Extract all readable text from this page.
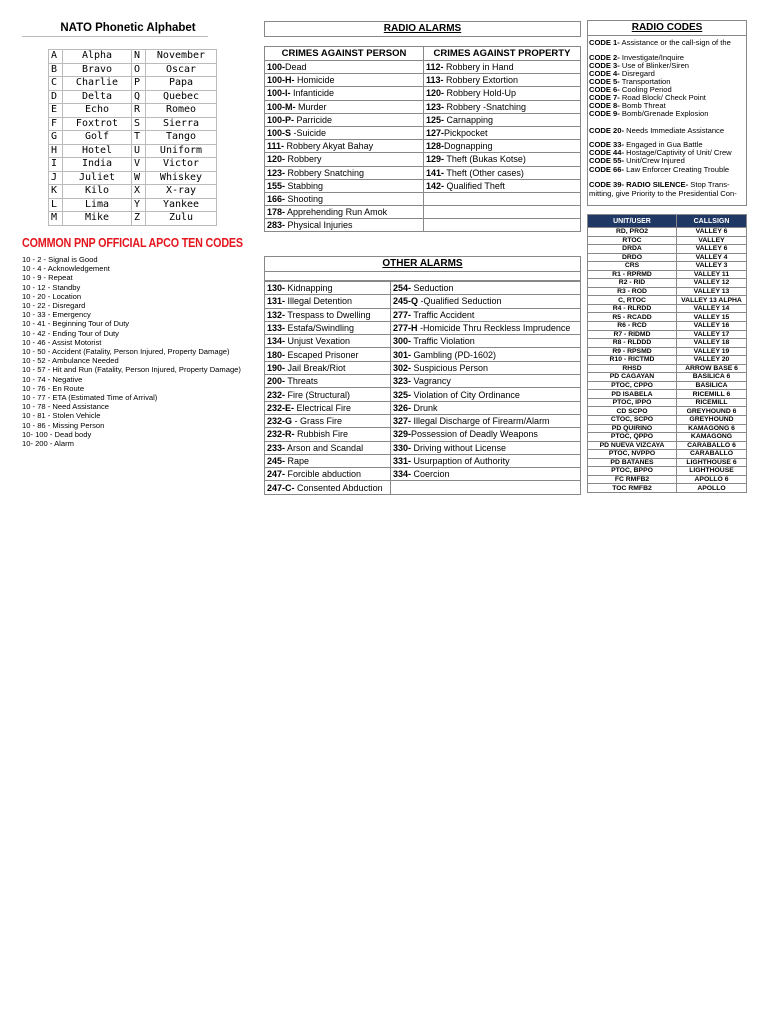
NATO Phonetic Alphabet
A	Alpha	N	November
B	Bravo	O	Oscar
C	Charlie	P	Papa
D	Delta	Q	Quebec
E	Echo	R	Romeo
F	Foxtrot	S	Sierra
G	Golf	T	Tango
H	Hotel	U	Uniform
I	India	V	Victor
J	Juliet	W	Whiskey
K	Kilo	X	X-ray
L	Lima	Y	Yankee
M	Mike	Z	Zulu
COMMON PNP OFFICIAL APCO TEN CODES
10 - 2 - Signal is Good
10 - 4 - Acknowledgement
10 - 9 - Repeat
10 - 12 - Standby
10 - 20 - Location
10 - 22 - Disregard
10 - 33 - Emergency
10 - 41 - Beginning Tour of Duty
10 - 42 - Ending Tour of Duty
10 - 46 - Assist Motorist
10 - 50 - Accident (Fatality, Person Injured, Property Damage)
10 - 52 - Ambulance Needed
10 - 57 - Hit and Run (Fatality, Person Injured, Property Damage)
10 - 74 - Negative
10 - 76 - En Route
10 - 77 - ETA (Estimated Time of Arrival)
10 - 78 - Need Assistance
10 - 81 - Stolen Vehicle
10 - 86 - Missing Person
10- 100 - Dead body
10- 200 - Alarm
RADIO ALARMS
CRIMES AGAINST PERSON	CRIMES AGAINST PROPERTY
100-Dead	112- Robbery in Hand
100-H- Homicide	113- Robbery Extortion
100-I- Infanticide	120- Robbery Hold-Up
100-M- Murder	123- Robbery -Snatching
100-P- Parricide	125- Carnapping
100-S -Suicide	127-Pickpocket
111- Robbery Akyat Bahay	128-Dognapping
120- Robbery	129- Theft (Bukas Kotse)
123- Robbery Snatching	141- Theft (Other cases)
155- Stabbing	142- Qualified Theft
166- Shooting	
178- Apprehending Run Amok	
283- Physical Injuries	
OTHER ALARMS
130- Kidnapping	254- Seduction
131- Illegal Detention	245-Q -Qualified Seduction
132- Trespass to Dwelling	277- Traffic Accident
133- Estafa/Swindling	277-H -Homicide Thru Reckless Imprudence
134- Unjust Vexation	300- Traffic Violation
180- Escaped Prisoner	301- Gambling (PD-1602)
190- Jail Break/Riot	302- Suspicious Person
200- Threats	323- Vagrancy
232- Fire (Structural)	325- Violation of City Ordinance
232-E- Electrical Fire	326- Drunk
232-G - Grass Fire	327- Illegal Discharge of Firearm/Alarm
232-R- Rubbish Fire	329-Possession of Deadly Weapons
233- Arson and Scandal	330- Driving without License
245- Rape	331- Usurpaption of Authority
247- Forcible abduction	334- Coercion
247-C- Consented Abduction	
RADIO CODES
CODE 1- Assistance or the call-sign of the
CODE 2- Investigate/Inquire
CODE 3- Use of Blinker/Siren
CODE 4- Disregard
CODE 5- Transportation
CODE 6- Cooling Period
CODE 7- Road Block/ Check Point
CODE 8- Bomb Threat
CODE 9- Bomb/Grenade Explosion
CODE 20- Needs Immediate Assistance
CODE 33- Engaged in Gua Battle
CODE 44- Hostage/Captivity of Unit/ Crew
CODE 55- Unit/Crew Injured
CODE 66- Law Enforcer Creating Trouble
CODE 39- RADIO SILENCE- Stop Trans-
mitting, give Priority to the Presidential Con-
UNIT/USER	CALLSIGN
RD, PRO2	VALLEY 6
RTOC	VALLEY
DRDA	VALLEY 6
DRDO	VALLEY 4
CRS	VALLEY 3
R1 - RPRMD	VALLEY 11
R2 - RID	VALLEY 12
R3 - ROD	VALLEY 13
C, RTOC	VALLEY 13 ALPHA
R4 - RLRDD	VALLEY 14
R5 - RCADD	VALLEY 15
R6 - RCD	VALLEY 16
R7 - RIDMD	VALLEY 17
R8 - RLDDD	VALLEY 18
R9 - RPSMD	VALLEY 19
R10 - RICTMD	VALLEY 20
RHSD	ARROW BASE 6
PD CAGAYAN	BASILICA 6
PTOC, CPPO	BASILICA
PD ISABELA	RICEMILL 6
PTOC, IPPO	RICEMILL
CD SCPO	GREYHOUND 6
CTOC, SCPO	GREYHOUND
PD QUIRINO	KAMAGONG 6
PTOC, QPPO	KAMAGONG
PD NUEVA VIZCAYA	CARABALLO 6
PTOC, NVPPO	CARABALLO
PD BATANES	LIGHTHOUSE 6
PTOC, BPPO	LIGHTHOUSE
FC RMFB2	APOLLO 6
TOC RMFB2	APOLLO
